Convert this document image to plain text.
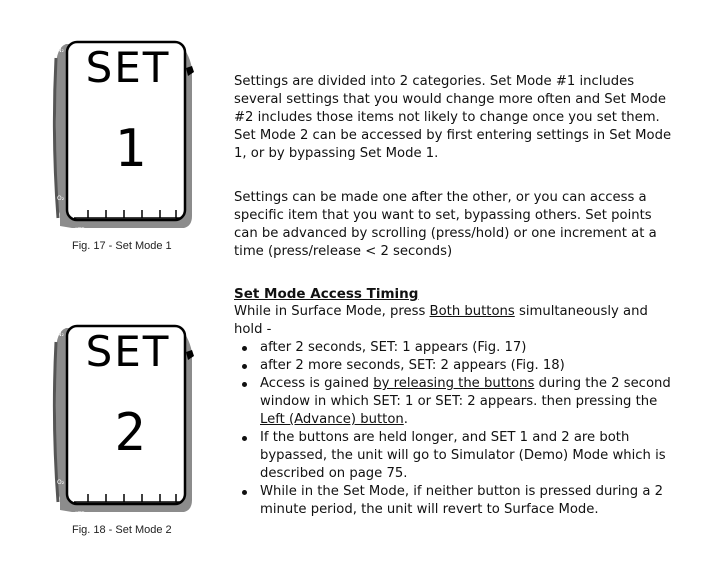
N₂
O₂
ATR
SET
1
Fig. 17 - Set Mode 1
N₂
O₂
ATR
SET
2
Fig. 18 - Set Mode 2
Settings are divided into 2 categories. Set Mode #1 includes several settings that you would change more often and Set Mode #2 includes those items not likely to change once you set them. Set Mode 2 can be accessed by first entering settings in Set Mode 1, or by bypassing Set Mode 1.
Settings can be made one after the other, or you can access a specific item that you want to set, bypassing others. Set points can be advanced by scrolling (press/hold) or one increment at a time (press/release < 2 seconds)
Set Mode Access Timing
While in Surface Mode, press Both buttons simultaneously and hold -
after 2 seconds, SET: 1 appears (Fig. 17)
after 2 more seconds, SET: 2 appears (Fig. 18)
Access is gained by releasing the buttons during the 2 second window in which SET: 1 or SET: 2 appears. then pressing the Left (Advance) button.
If the buttons are held longer, and SET 1 and 2 are both bypassed, the unit will go to Simulator (Demo) Mode which is described on page 75.
While in the Set Mode, if neither button is pressed during a 2 minute period, the unit will revert to Surface Mode.
